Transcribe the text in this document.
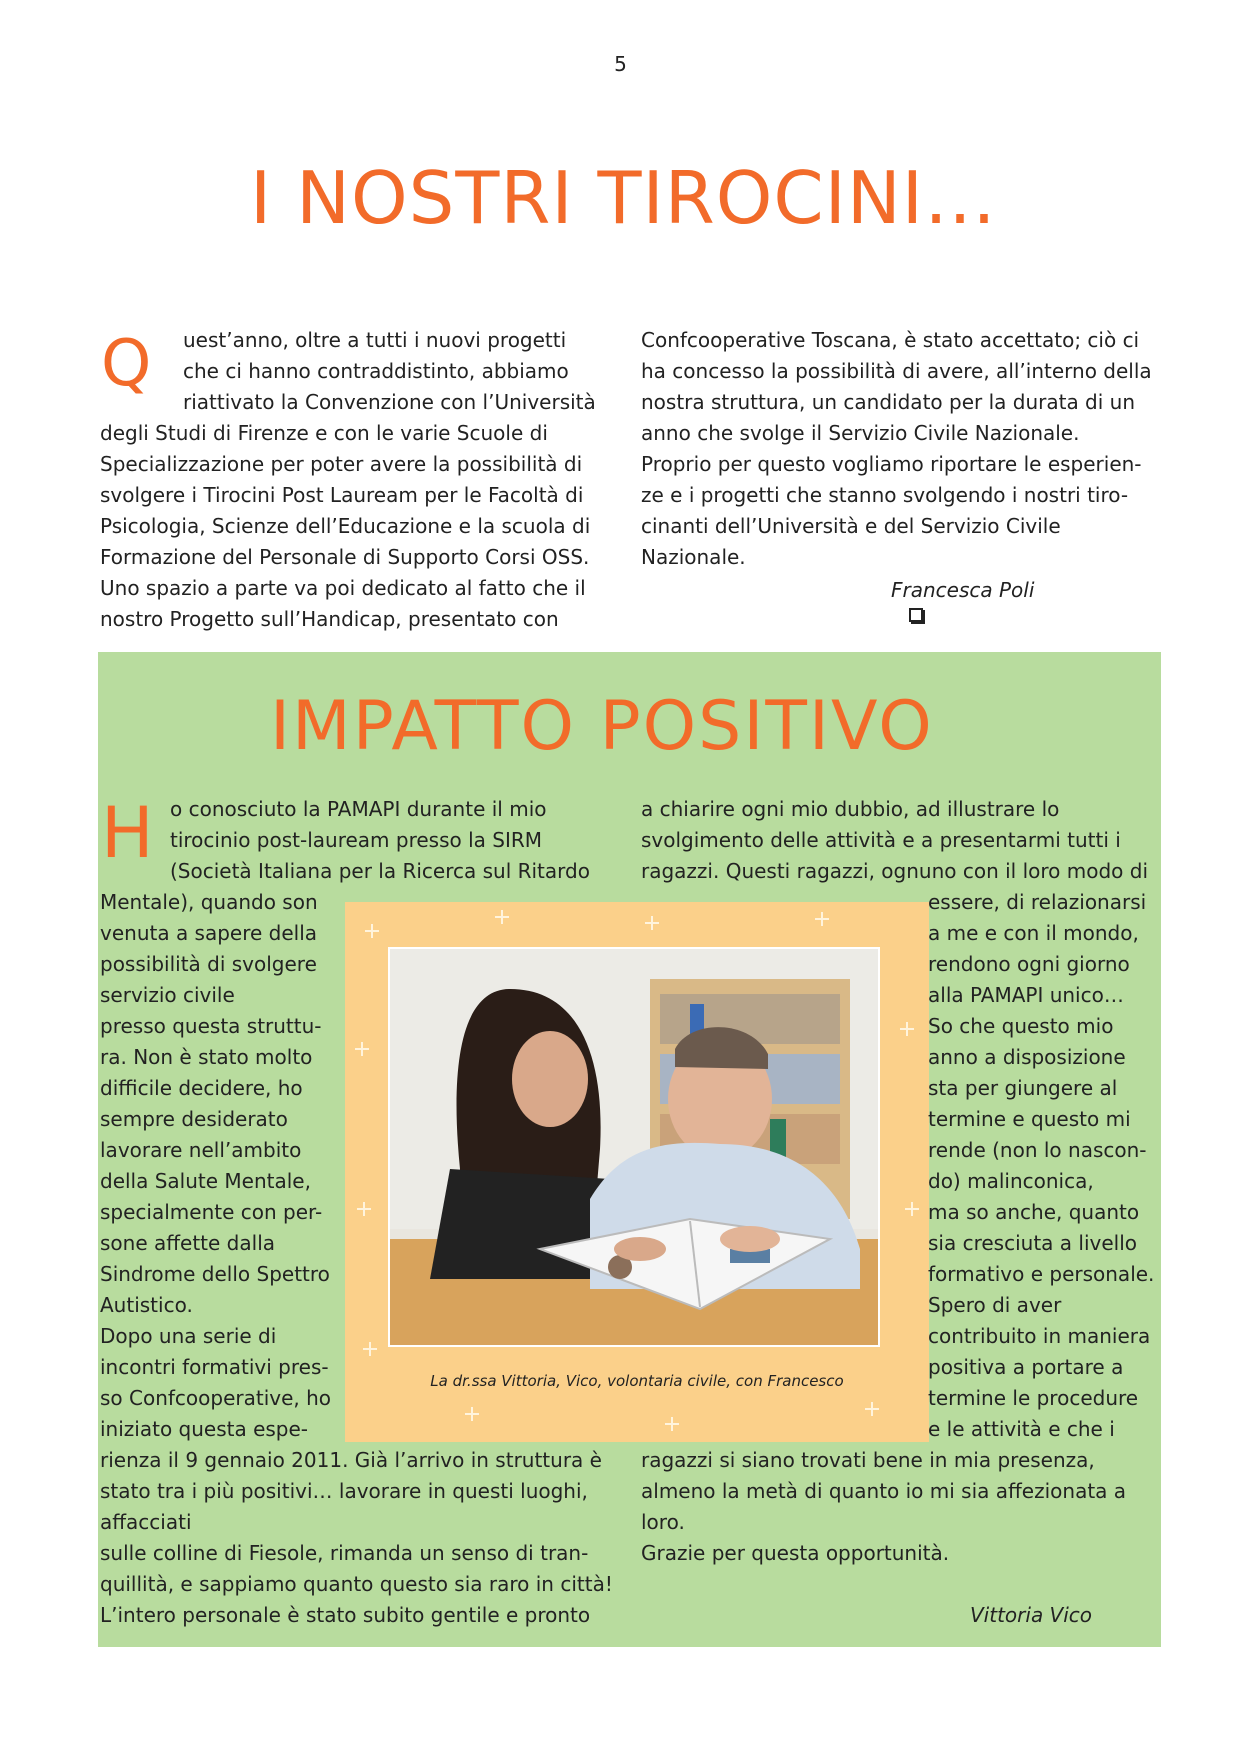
5
I NOSTRI TIROCINI…
Q uest’anno, oltre a tutti i nuovi progetti
che ci hanno contraddistinto, abbiamo
riattivato la Convenzione con l’Università
degli Studi di Firenze e con le varie Scuole di
Specializzazione per poter avere la possibilità di
svolgere i Tirocini Post Lauream per le Facoltà di
Psicologia, Scienze dell’Educazione e la scuola di
Formazione del Personale di Supporto Corsi OSS.
Uno spazio a parte va poi dedicato al fatto che il
nostro Progetto sull’Handicap, presentato con
Confcooperative Toscana, è stato accettato; ciò ci
ha concesso la possibilità di avere, all’interno della
nostra struttura, un candidato per la durata di un
anno che svolge il Servizio Civile Nazionale.
Proprio per questo vogliamo riportare le esperien-
ze e i progetti che stanno svolgendo i nostri tiro-
cinanti dell’Università e del Servizio Civile
Nazionale.
Francesca Poli
IMPATTO POSITIVO
H
La dr.ssa Vittoria, Vico, volontaria civile, con Francesco
o conosciuto la PAMAPI durante il mio
tirocinio post-lauream presso la SIRM
(Società Italiana per la Ricerca sul Ritardo
Mentale), quando son
venuta a sapere della
possibilità di svolgere
servizio civile
presso questa struttu-
ra. Non è stato molto
difficile decidere, ho
sempre desiderato
lavorare nell’ambito
della Salute Mentale,
specialmente con per-
sone affette dalla
Sindrome dello Spettro
Autistico.
Dopo una serie di
incontri formativi pres-
so Confcooperative, ho
iniziato questa espe-
rienza il 9 gennaio 2011. Già l’arrivo in struttura è
stato tra i più positivi… lavorare in questi luoghi,
affacciati
sulle colline di Fiesole, rimanda un senso di tran-
quillità, e sappiamo quanto questo sia raro in città!
L’intero personale è stato subito gentile e pronto
a chiarire ogni mio dubbio, ad illustrare lo
svolgimento delle attività e a presentarmi tutti i
ragazzi. Questi ragazzi, ognuno con il loro modo di
essere, di relazionarsi
a me e con il mondo,
rendono ogni giorno
alla PAMAPI unico…
So che questo mio
anno a disposizione
sta per giungere al
termine e questo mi
rende (non lo nascon-
do) malinconica,
ma so anche, quanto
sia cresciuta a livello
formativo e personale.
Spero di aver
contribuito in maniera
positiva a portare a
termine le procedure
e le attività e che i
ragazzi si siano trovati bene in mia presenza,
almeno la metà di quanto io mi sia affezionata a
loro.
Grazie per questa opportunità.
Vittoria Vico
